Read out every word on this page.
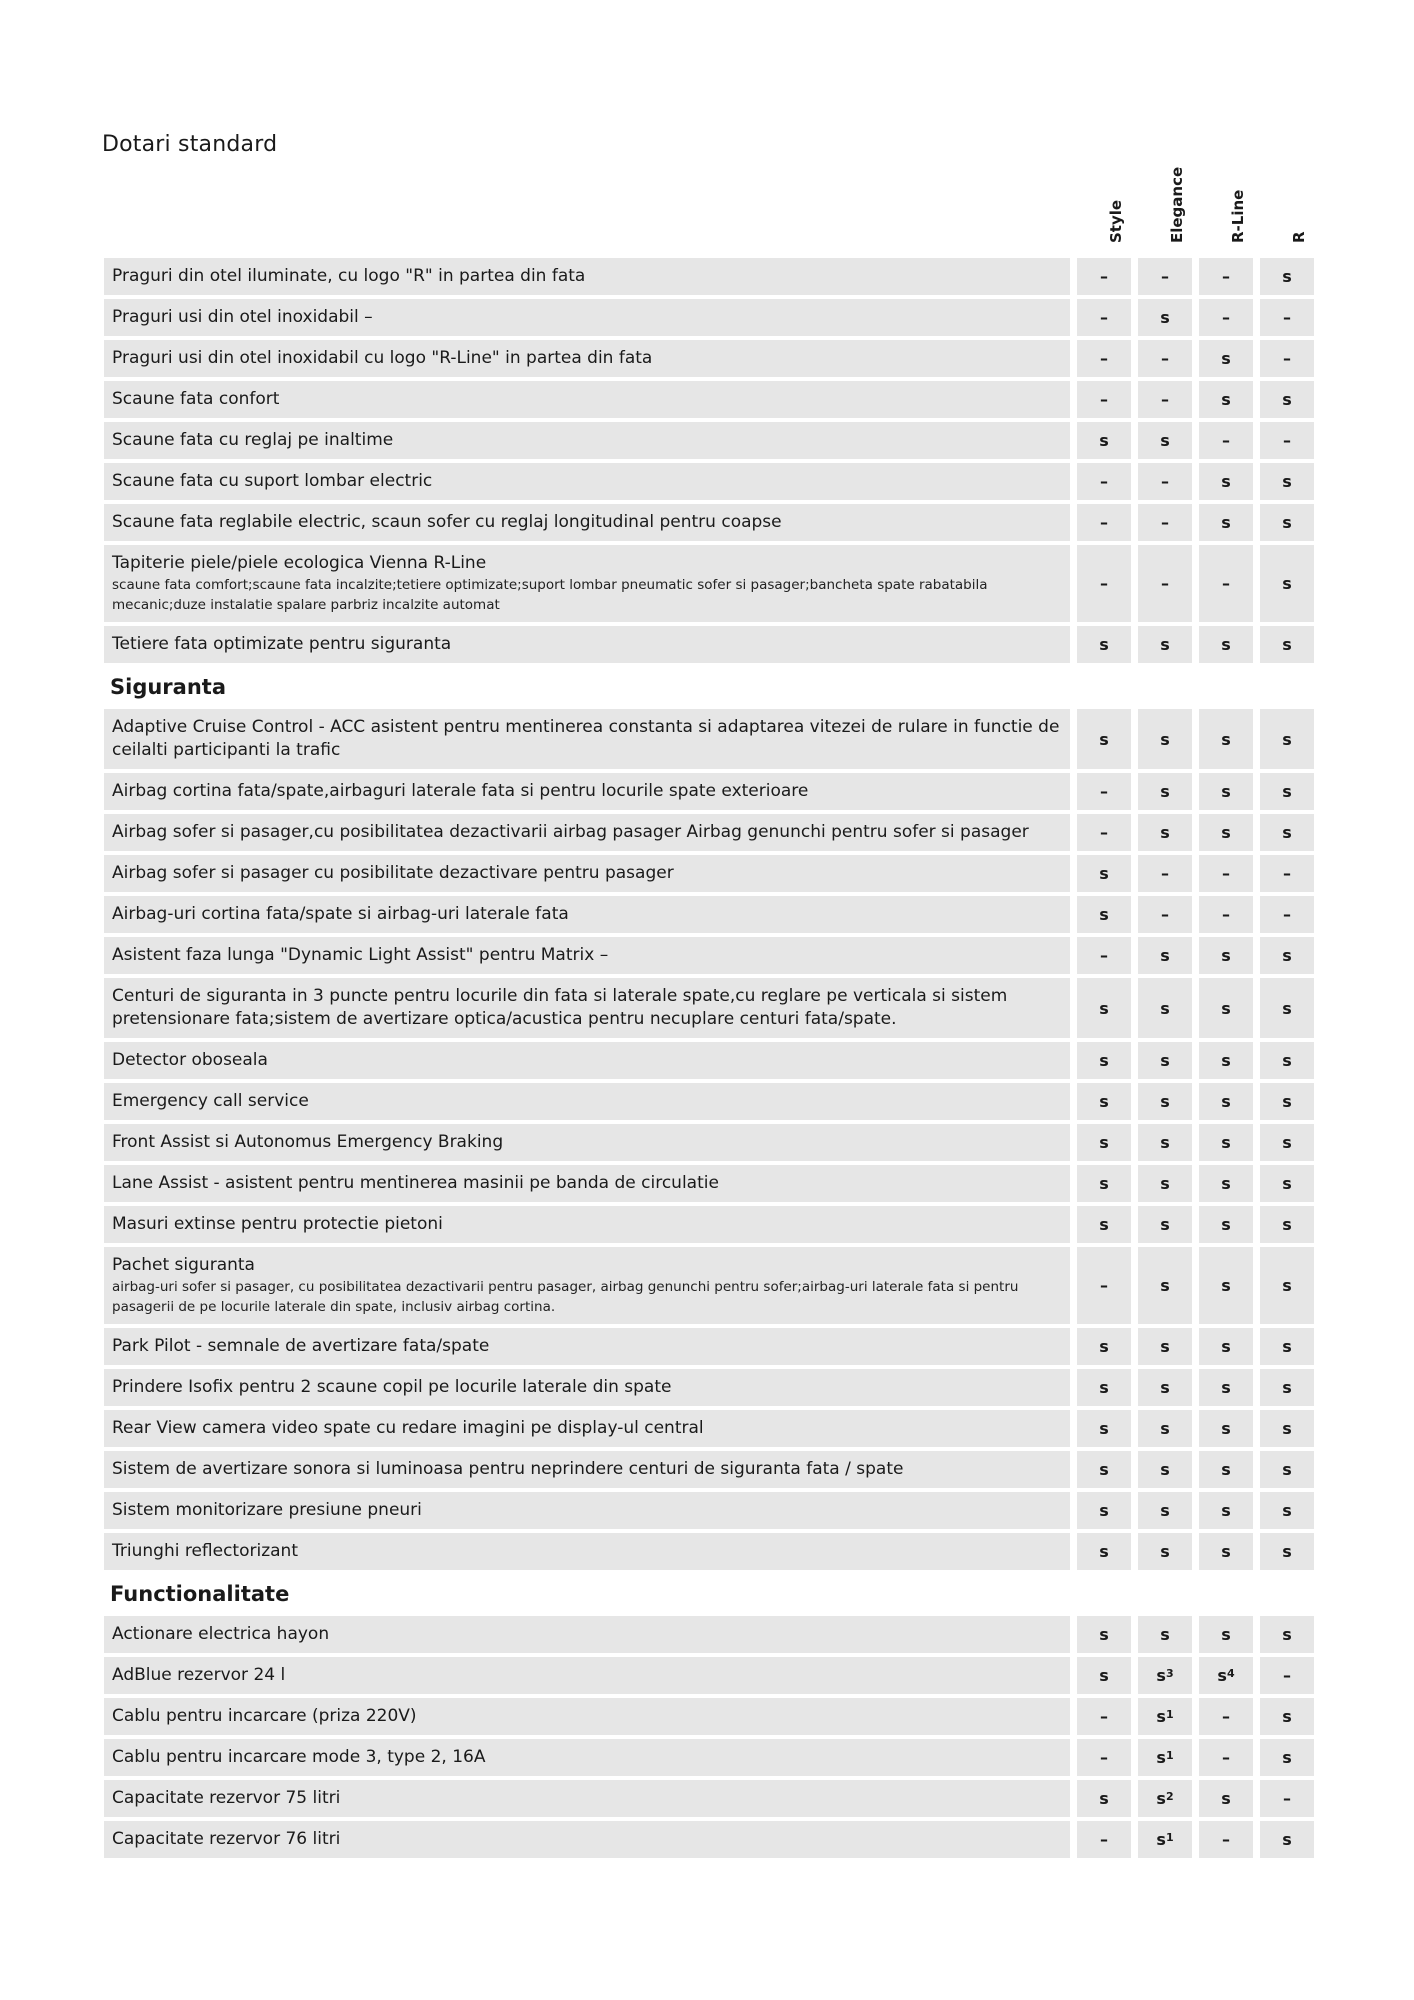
Dotari standard
Style	Elegance	R-Line	R
Praguri din otel iluminate, cu logo "R" in partea din fata	–	–	–	s
Praguri usi din otel inoxidabil –	–	s	–	–
Praguri usi din otel inoxidabil cu logo "R-Line" in partea din fata	–	–	s	–
Scaune fata confort	–	–	s	s
Scaune fata cu reglaj pe inaltime	s	s	–	–
Scaune fata cu suport lombar electric	–	–	s	s
Scaune fata reglabile electric, scaun sofer cu reglaj longitudinal pentru coapse	–	–	s	s
Tapiterie piele/piele ecologica Vienna R-Line
scaune fata comfort;scaune fata incalzite;tetiere optimizate;suport lombar pneumatic sofer si pasager;bancheta spate rabatabila mecanic;duze instalatie spalare parbriz incalzite automat
–	–	–	s
Tetiere fata optimizate pentru siguranta	s	s	s	s
Siguranta
Adaptive Cruise Control - ACC asistent pentru mentinerea constanta si adaptarea vitezei de rulare in functie de ceilalti participanti la trafic
s	s	s	s
Airbag cortina fata/spate,airbaguri laterale fata si pentru locurile spate exterioare	–	s	s	s
Airbag sofer si pasager,cu posibilitatea dezactivarii airbag pasager Airbag genunchi pentru sofer si pasager	–	s	s	s
Airbag sofer si pasager cu posibilitate dezactivare pentru pasager	s	–	–	–
Airbag-uri cortina fata/spate si airbag-uri laterale fata	s	–	–	–
Asistent faza lunga "Dynamic Light Assist" pentru Matrix –	–	s	s	s
Centuri de siguranta in 3 puncte pentru locurile din fata si laterale spate,cu reglare pe verticala si sistem pretensionare fata;sistem de avertizare optica/acustica pentru necuplare centuri fata/spate.
s	s	s	s
Detector oboseala	s	s	s	s
Emergency call service	s	s	s	s
Front Assist si Autonomus Emergency Braking	s	s	s	s
Lane Assist - asistent pentru mentinerea masinii pe banda de circulatie	s	s	s	s
Masuri extinse pentru protectie pietoni	s	s	s	s
Pachet siguranta
airbag-uri sofer si pasager, cu posibilitatea dezactivarii pentru pasager, airbag genunchi pentru sofer;airbag-uri laterale fata si pentru pasagerii de pe locurile laterale din spate, inclusiv airbag cortina.
–	s	s	s
Park Pilot - semnale de avertizare fata/spate	s	s	s	s
Prindere Isofix pentru 2 scaune copil pe locurile laterale din spate	s	s	s	s
Rear View camera video spate cu redare imagini pe display-ul central	s	s	s	s
Sistem de avertizare sonora si luminoasa pentru neprindere centuri de siguranta fata / spate	s	s	s	s
Sistem monitorizare presiune pneuri	s	s	s	s
Triunghi reflectorizant	s	s	s	s
Functionalitate
Actionare electrica hayon	s	s	s	s
AdBlue rezervor 24 l	s	$s^3$	$s^4$	–
Cablu pentru incarcare (priza 220V)	–	$s^1$	–	s
Cablu pentru incarcare mode 3, type 2, 16A	–	$s^1$	–	s
Capacitate rezervor 75 litri	s	$s^2$	s	–
Capacitate rezervor 76 litri	–	$s^1$	–	s
